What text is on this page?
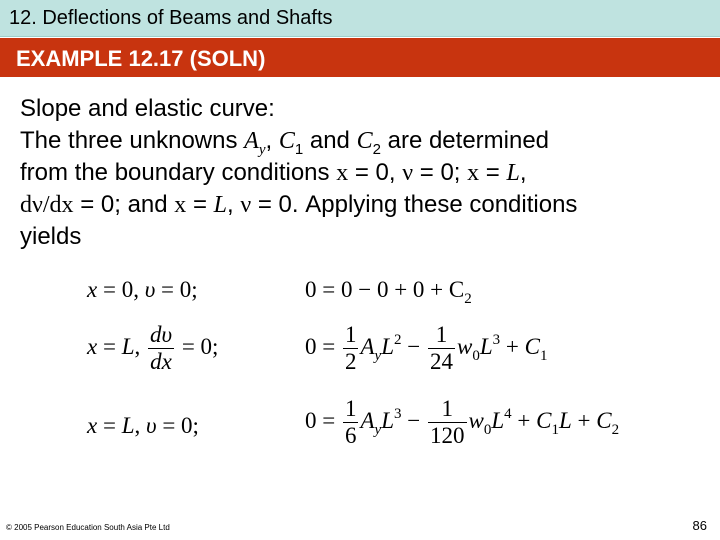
12. Deflections of Beams and Shafts
EXAMPLE 12.17 (SOLN)
Slope and elastic curve:
The three unknowns $A_y$, $C_1$ and $C_2$ are determined
from the boundary conditions x = 0, ν = 0; x = L,
dν/dx = 0; and x = L, ν = 0. Applying these conditions
yields
x = 0, υ = 0;	$0 = 0 - 0 + 0 + C_2$
x = L, $\frac{d\upsilon}{dx} = 0$;	$0 = \frac{1}{2} A_yL^2 - \frac{1}{24} w_0L^3 + C_1$
x = L, υ = 0;	$0 = \frac{1}{6} A_yL^3 - \frac{1}{120} w_0L^4 + C_1L + C_2$
© 2005 Pearson Education South Asia Pte Ltd	86
